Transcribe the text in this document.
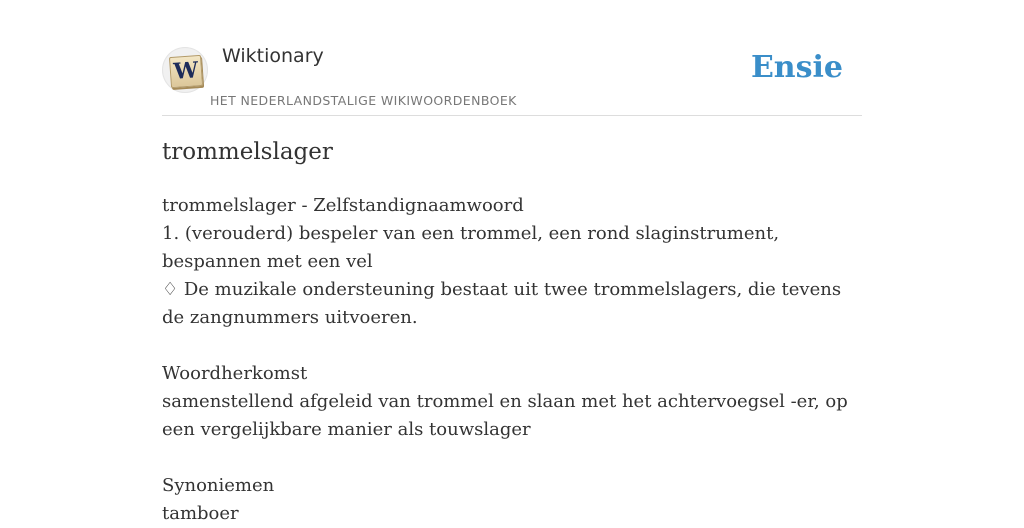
W
Wiktionary
HET NEDERLANDSTALIGE WIKIWOORDENBOEK
Ensie
trommelslager

trommelslager - Zelfstandignaamwoord

1. (verouderd) bespeler van een trommel, een rond slaginstrument, bespannen met een vel

♢ De muzikale ondersteuning bestaat uit twee trommelslagers, die tevens de zangnummers uitvoeren.

Woordherkomst

samenstellend afgeleid van trommel en slaan met het achtervoegsel -er, op een vergelijkbare manier als touwslager

Synoniemen

tamboer
